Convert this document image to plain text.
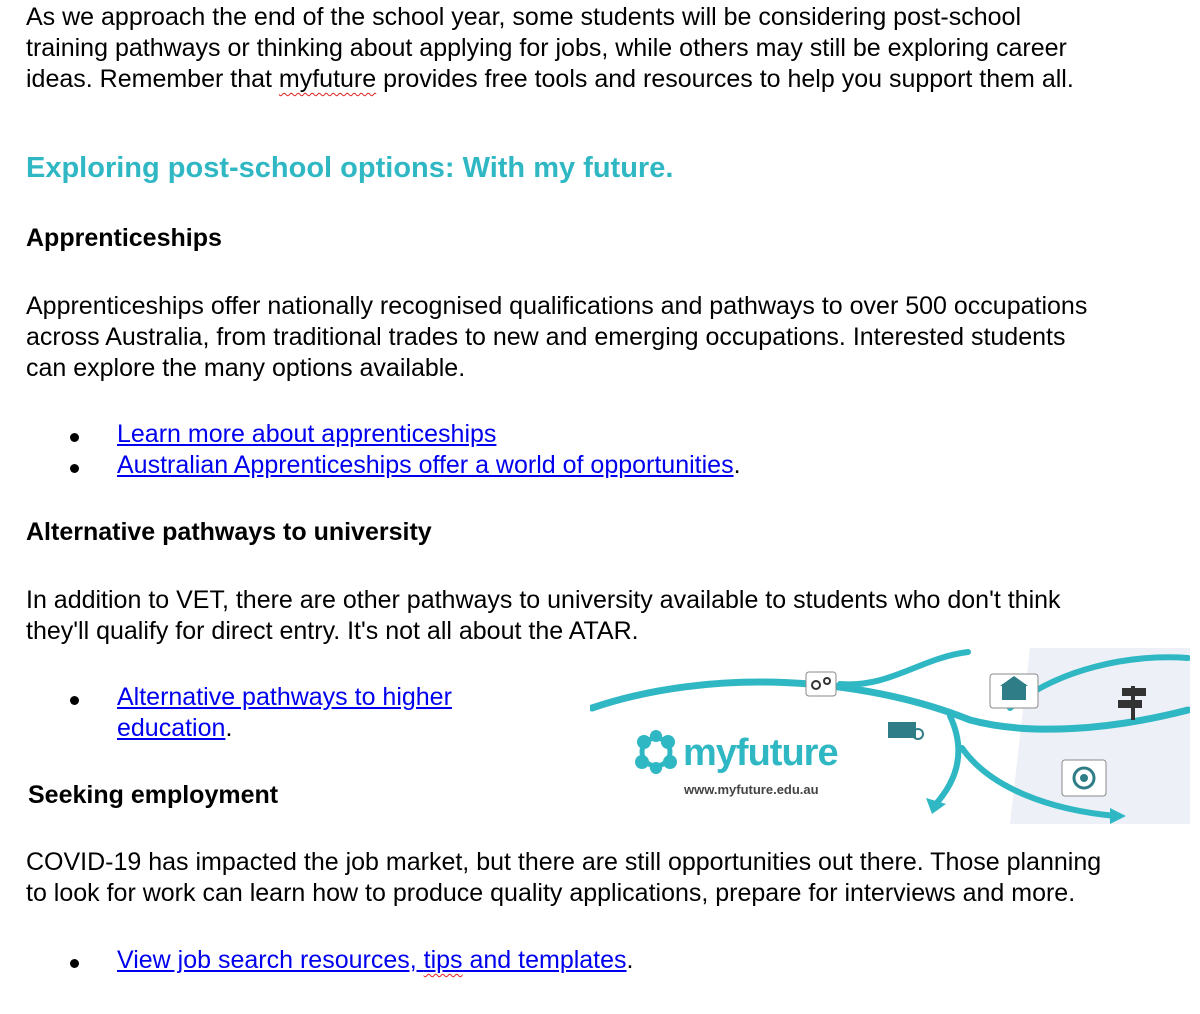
As we approach the end of the school year, some students will be considering post-school

training pathways or thinking about applying for jobs, while others may still be exploring career

ideas. Remember that myfuture provides free tools and resources to help you support them all.

Exploring post-school options: With my future.
Apprenticeships

Apprenticeships offer nationally recognised qualifications and pathways to over 500 occupations

across Australia, from traditional trades to new and emerging occupations. Interested students

can explore the many options available.

Learn more about apprenticeships
Australian Apprenticeships offer a world of opportunities.
Alternative pathways to university

In addition to VET, there are other pathways to university available to students who don't think

they'll qualify for direct entry. It's not all about the ATAR.

Alternative pathways to higher
education.
myfuture
www.myfuture.edu.au
Seeking employment

COVID-19 has impacted the job market, but there are still opportunities out there. Those planning

to look for work can learn how to produce quality applications, prepare for interviews and more.

View job search resources, tips and templates.
